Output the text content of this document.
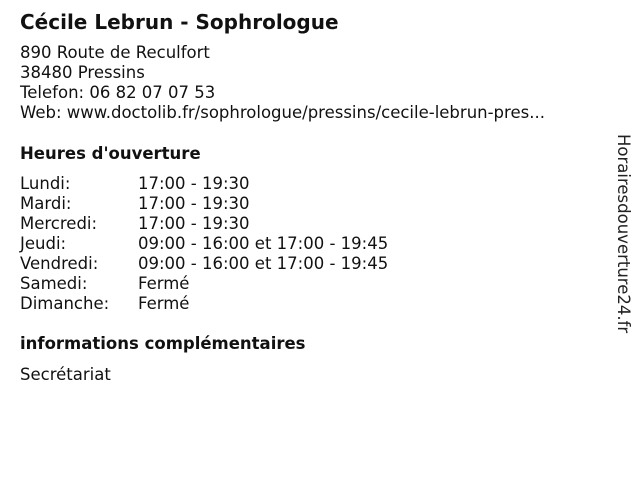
Cécile Lebrun - Sophrologue
890 Route de Reculfort
38480 Pressins
Telefon: 06 82 07 07 53
Web: www.doctolib.fr/sophrologue/pressins/cecile-lebrun-pres...
Heures d'ouverture
Lundi:	17:00 - 19:30
Mardi:	17:00 - 19:30
Mercredi: 17:00 - 19:30
Jeudi:	09:00 - 16:00 et 17:00 - 19:45
Vendredi: 09:00 - 16:00 et 17:00 - 19:45
Samedi:	Fermé
Dimanche: Fermé
informations complémentaires
Secrétariat
Horairesdouverture24.fr
